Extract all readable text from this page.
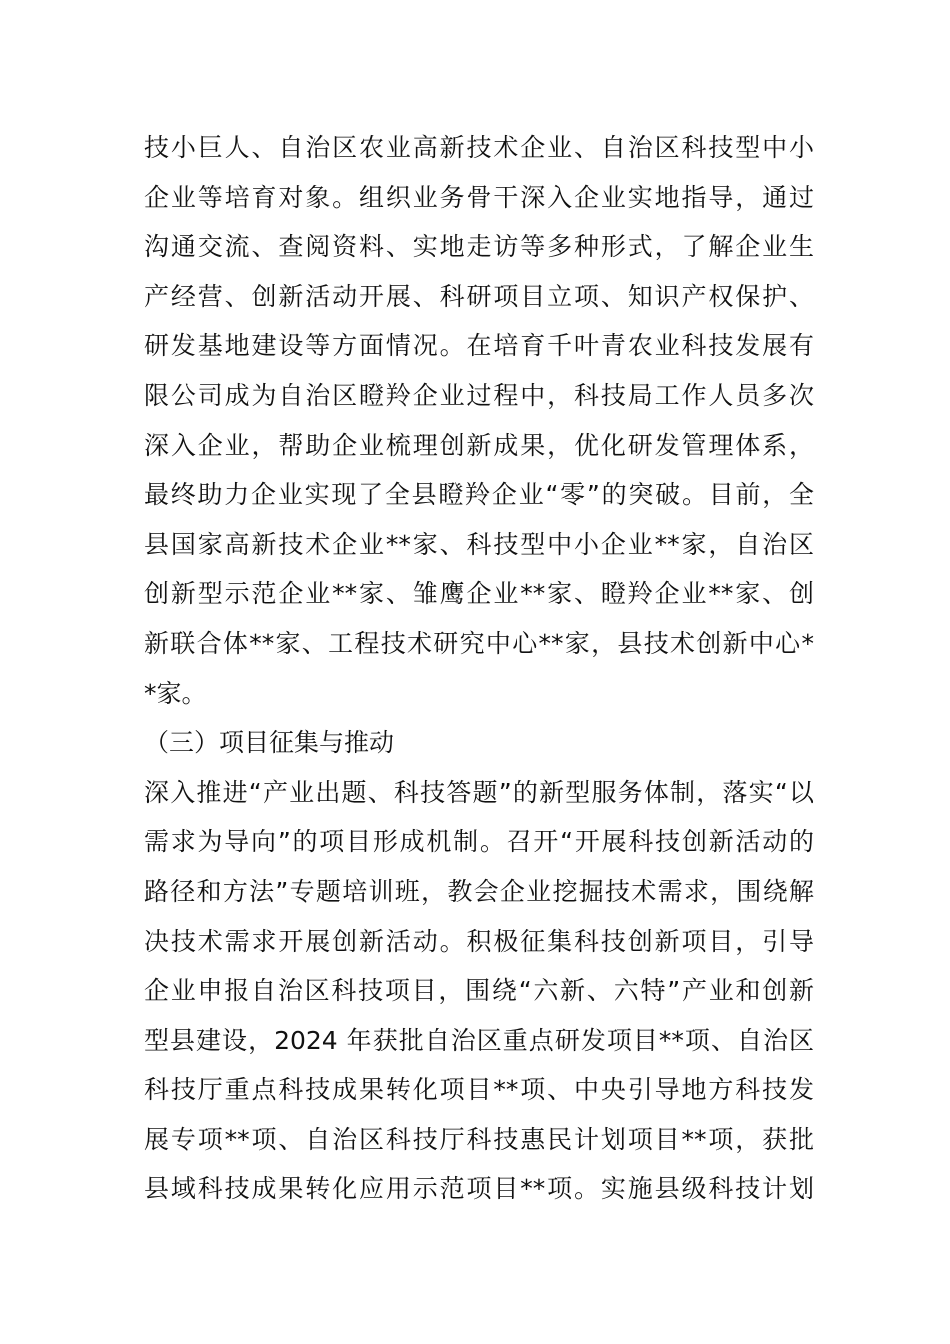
技小巨人、自治区农业高新技术企业、自治区科技型中小
企业等培育对象。组织业务骨干深入企业实地指导，通过
沟通交流、查阅资料、实地走访等多种形式，了解企业生
产经营、创新活动开展、科研项目立项、知识产权保护、
研发基地建设等方面情况。在培育千叶青农业科技发展有
限公司成为自治区瞪羚企业过程中，科技局工作人员多次
深入企业，帮助企业梳理创新成果，优化研发管理体系，
最终助力企业实现了全县瞪羚企业“零”的突破。目前，全
县国家高新技术企业**家、科技型中小企业**家，自治区
创新型示范企业**家、雏鹰企业**家、瞪羚企业**家、创
新联合体**家、工程技术研究中心**家，县技术创新中心*
*家。
（三）项目征集与推动
深入推进“产业出题、科技答题”的新型服务体制，落实“以
需求为导向”的项目形成机制。召开“开展科技创新活动的
路径和方法”专题培训班，教会企业挖掘技术需求，围绕解
决技术需求开展创新活动。积极征集科技创新项目，引导
企业申报自治区科技项目，围绕“六新、六特”产业和创新
型县建设，2024 年获批自治区重点研发项目**项、自治区
科技厅重点科技成果转化项目**项、中央引导地方科技发
展专项**项、自治区科技厅科技惠民计划项目**项，获批
县域科技成果转化应用示范项目**项。实施县级科技计划
